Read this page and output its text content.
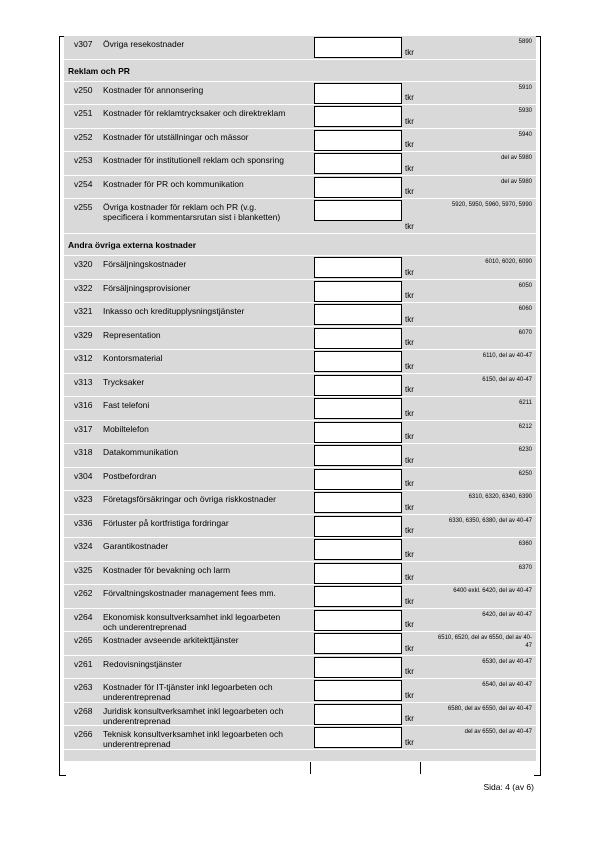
v307 Övriga resekostnader
tkr
5890
Reklam och PR
v250 Kostnader för annonsering
tkr
5910
v251 Kostnader för reklamtrycksaker och direktreklam
tkr
5930
v252 Kostnader för utställningar och mässor
tkr
5940
v253 Kostnader för institutionell reklam och sponsring
tkr
del av 5980
v254 Kostnader för PR och kommunikation
tkr
del av 5980
v255 Övriga kostnader för reklam och PR (v.g. specificera i kommentarsrutan sist i blanketten)
tkr
5920, 5950, 5960, 5970, 5990
Andra övriga externa kostnader
v320 Försäljningskostnader
tkr
6010, 6020, 6090
v322 Försäljningsprovisioner
tkr
6050
v321 Inkasso och kreditupplysningstjänster
tkr
6060
v329 Representation
tkr
6070
v312 Kontorsmaterial
tkr
6110, del av 40-47
v313 Trycksaker
tkr
6150, del av 40-47
v316 Fast telefoni
tkr
6211
v317 Mobiltelefon
tkr
6212
v318 Datakommunikation
tkr
6230
v304 Postbefordran
tkr
6250
v323 Företagsförsäkringar och övriga riskkostnader
tkr
6310, 6320, 6340, 6390
v336 Förluster på kortfristiga fordringar
tkr
6330, 6350, 6380, del av 40-47
v324 Garantikostnader
tkr
6360
v325 Kostnader för bevakning och larm
tkr
6370
v262 Förvaltningskostnader management fees mm.
tkr
6400 exkl. 6420, del av 40-47
v264 Ekonomisk konsultverksamhet inkl legoarbeten och underentreprenad	tkr
6420, del av 40-47
v265 Kostnader avseende arkitekttjänster
tkr
6510, 6520, del av 6550, del av 40-47
v261 Redovisningstjänster
tkr
6530, del av 40-47
v263 Kostnader för IT-tjänster inkl legoarbeten och underentreprenad	tkr
6540, del av 40-47
v268 Juridisk konsultverksamhet inkl legoarbeten och underentreprenad	tkr
6580, del av 6550, del av 40-47
v266 Teknisk konsultverksamhet inkl legoarbeten och underentreprenad	tkr
del av 6550, del av 40-47
Sida: 4 (av 6)
